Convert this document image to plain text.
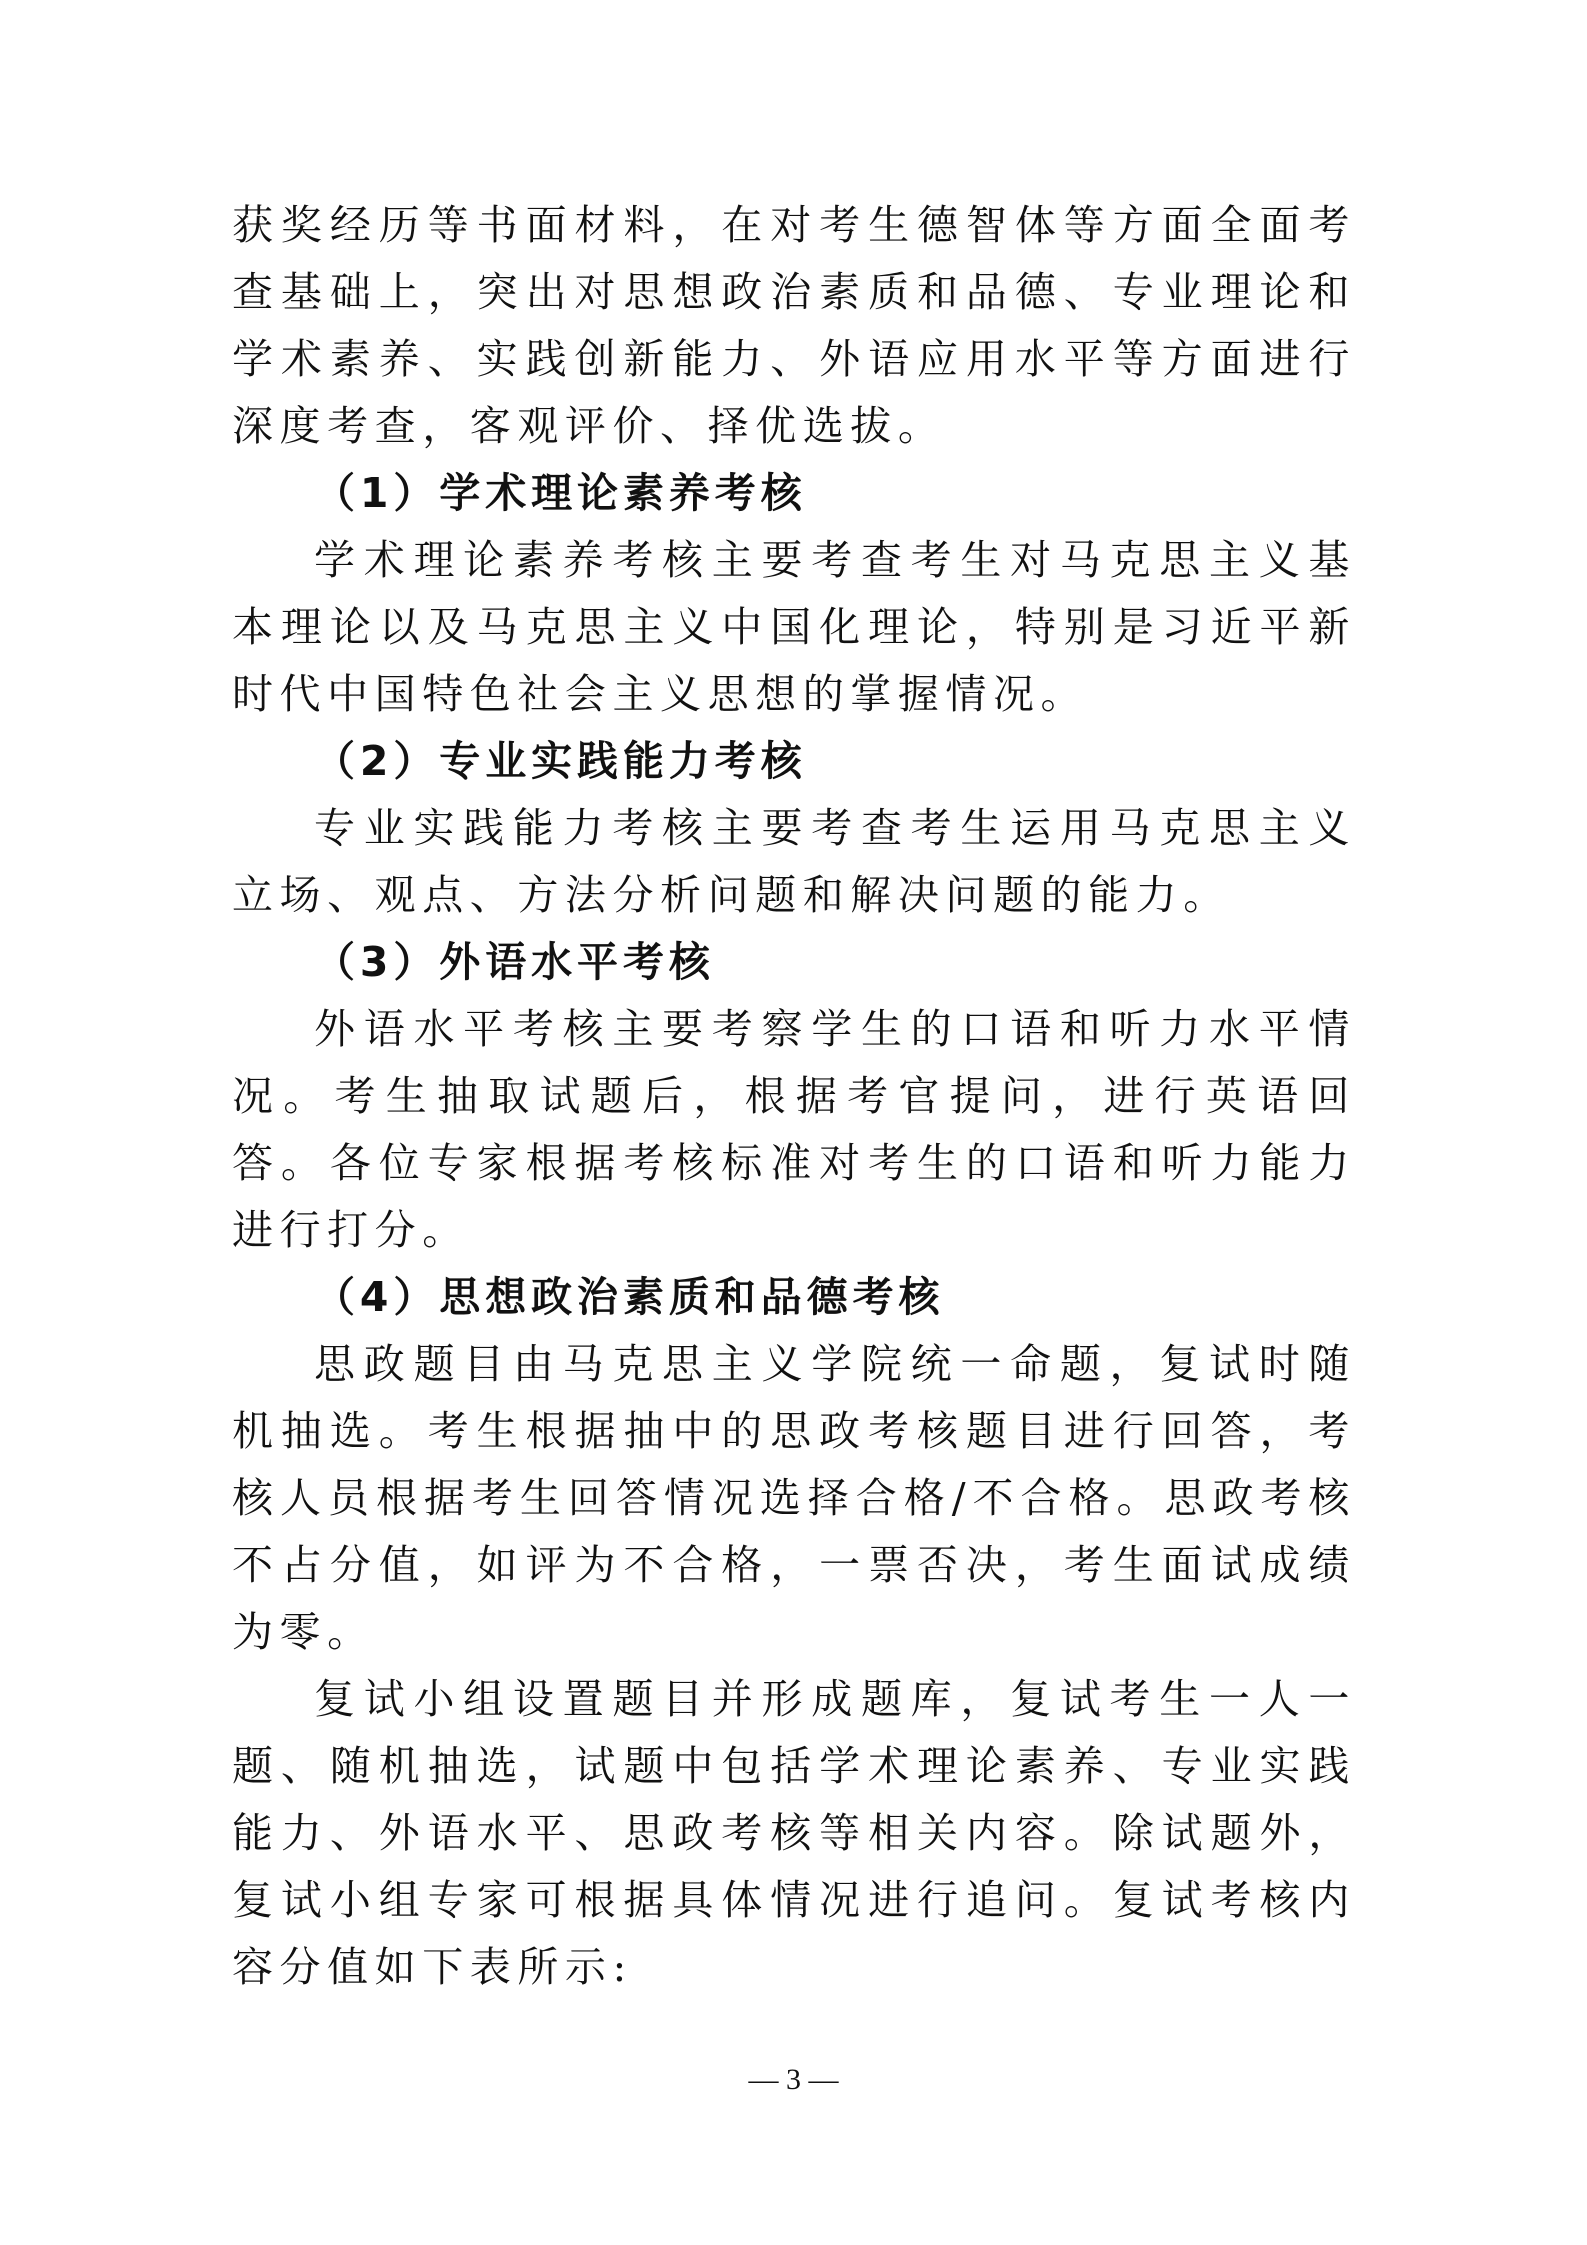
获奖经历等书面材料，在对考生德智体等方面全面考查基础上，突出对思想政治素质和品德、专业理论和学术素养、实践创新能力、外语应用水平等方面进行深度考查，客观评价、择优选拔。

（1）学术理论素养考核

学术理论素养考核主要考查考生对马克思主义基本理论以及马克思主义中国化理论，特别是习近平新时代中国特色社会主义思想的掌握情况。

（2）专业实践能力考核

专业实践能力考核主要考查考生运用马克思主义立场、观点、方法分析问题和解决问题的能力。

（3）外语水平考核

外语水平考核主要考察学生的口语和听力水平情况。考生抽取试题后，根据考官提问，进行英语回答。各位专家根据考核标准对考生的口语和听力能力进行打分。

（4）思想政治素质和品德考核

思政题目由马克思主义学院统一命题，复试时随机抽选。考生根据抽中的思政考核题目进行回答，考核人员根据考生回答情况选择合格/不合格。思政考核不占分值，如评为不合格，一票否决，考生面试成绩为零。

复试小组设置题目并形成题库，复试考生一人一题、随机抽选，试题中包括学术理论素养、专业实践能力、外语水平、思政考核等相关内容。除试题外，复试小组专家可根据具体情况进行追问。复试考核内容分值如下表所示:

— 3 —
